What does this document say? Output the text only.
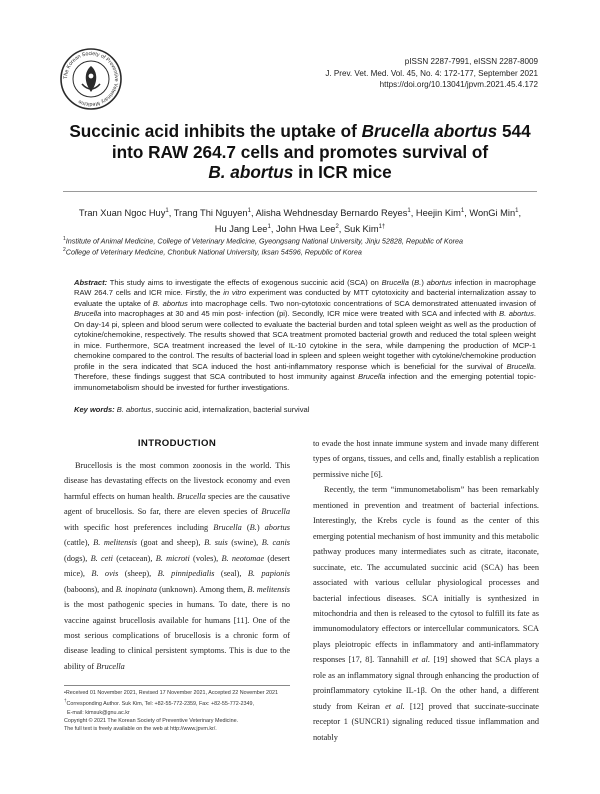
The Korean Society of Preventive Veterinary Medicine
pISSN 2287-7991, eISSN 2287-8009
J. Prev. Vet. Med. Vol. 45, No. 4: 172-177, September 2021
https://doi.org/10.13041/jpvm.2021.45.4.172
Succinic acid inhibits the uptake of Brucella abortus 544
into RAW 264.7 cells and promotes survival of
B. abortus in ICR mice
Tran Xuan Ngoc Huy$^1$, Trang Thi Nguyen$^1$, Alisha Wehdnesday Bernardo Reyes$^1$, Heejin Kim$^1$, WonGi Min$^1$,
Hu Jang Lee$^1$, John Hwa Lee$^2$, Suk Kim$^{1\dagger}$
$^1$Institute of Animal Medicine, College of Veterinary Medicine, Gyeongsang National University, Jinju 52828, Republic of Korea
$^2$College of Veterinary Medicine, Chonbuk National University, Iksan 54596, Republic of Korea
Abstract: This study aims to investigate the effects of exogenous succinic acid (SCA) on Brucella (B.) abortus infection in macrophage RAW 264.7 cells and ICR mice. Firstly, the in vitro experiment was conducted by MTT cytotoxicity and bacterial internalization assay to evaluate the uptake of B. abortus into macrophage cells. Two non-cytotoxic concentrations of SCA demonstrated attenuated invasion of Brucella into macrophages at 30 and 45 min post- infection (pi). Secondly, ICR mice were treated with SCA and infected with B. abortus. On day-14 pi, spleen and blood serum were collected to evaluate the bacterial burden and total spleen weight as well as the production of cytokine/chemokine, respectively. The results showed that SCA treatment promoted bacterial growth and reduced the total spleen weight in mice. Furthermore, SCA treatment increased the level of IL-10 cytokine in the sera, while dampening the production of MCP-1 chemokine compared to the control. The results of bacterial load in spleen and spleen weight together with cytokine/chemokine production profile in the sera indicated that SCA induced the host anti-inflammatory response which is beneficial for the survival of Brucella. Therefore, these findings suggest that SCA contributed to host immunity against Brucella infection and the emerging potential topic-immunometabolism should be invested for further investigations.
Key words: B. abortus, succinic acid, internalization, bacterial survival
INTRODUCTION

Brucellosis is the most common zoonosis in the world. This disease has devastating effects on the livestock economy and even harmful effects on human health. Brucella species are the causative agent of brucellosis. So far, there are eleven species of Brucella with specific host preferences including Brucella (B.) abortus (cattle), B. melitensis (goat and sheep), B. suis (swine), B. canis (dogs), B. ceti (cetacean), B. microti (voles), B. neotomae (desert mice), B. ovis (sheep), B. pinnipedialis (seal), B. papionis (baboons), and B. inopinata (unknown). Among them, B. melitensis is the most pathogenic species in humans. To date, there is no vaccine against brucellosis available for humans [11]. One of the most serious complications of brucellosis is a chronic form of disease leading to clinical persistent symptoms. This is due to the ability of Brucella

to evade the host innate immune system and invade many different types of organs, tissues, and cells and, finally establish a replication permissive niche [6].

Recently, the term “immunometabolism” has been remarkably mentioned in prevention and treatment of bacterial infections. Interestingly, the Krebs cycle is found as the center of this emerging potential mechanism of host immunity and this metabolic pathway produces many intermediates such as citrate, itaconate, succinate, etc. The accumulated succinic acid (SCA) has been associated with various cellular physiological processes and bacterial infectious diseases. SCA initially is synthesized in mitochondria and then is released to the cytosol to fulfill its fate as immunomodulatory effectors or intercellular communicators. SCA plays pleiotropic effects in inflammatory and anti-inflammatory responses [17, 8]. Tannahill et al. [19] showed that SCA plays a role as an inflammatory signal through enhancing the production of proinflammatory cytokine IL-1β. On the other hand, a different study from Keiran et al. [12] proved that succinate-succinate receptor 1 (SUNCR1) signaling reduced tissue inflammation and notably

•Received 01 November 2021, Revised 17 November 2021, Accepted 22 November 2021
†Corresponding Author. Suk Kim, Tel: +82-55-772-2359, Fax: +82-55-772-2349,
E-mail: kimsuk@gnu.ac.kr
Copyright © 2021 The Korean Society of Preventive Veterinary Medicine.
The full text is freely available on the web at http://www.jpvm.kr/.
